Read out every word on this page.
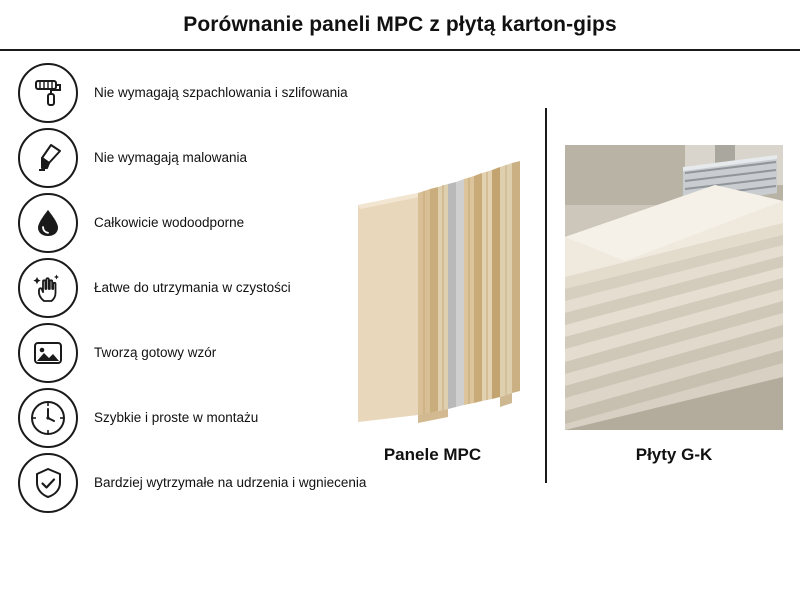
Porównanie paneli MPC z płytą karton-gips
Nie wymagają szpachlowania i szlifowania
Nie wymagają malowania
Całkowicie wodoodporne
Łatwe do utrzymania w czystości
Tworzą gotowy wzór
Szybkie i proste w montażu
Bardziej wytrzymałe na udrzenia i wgniecenia
Panele MPC	Płyty G-K
